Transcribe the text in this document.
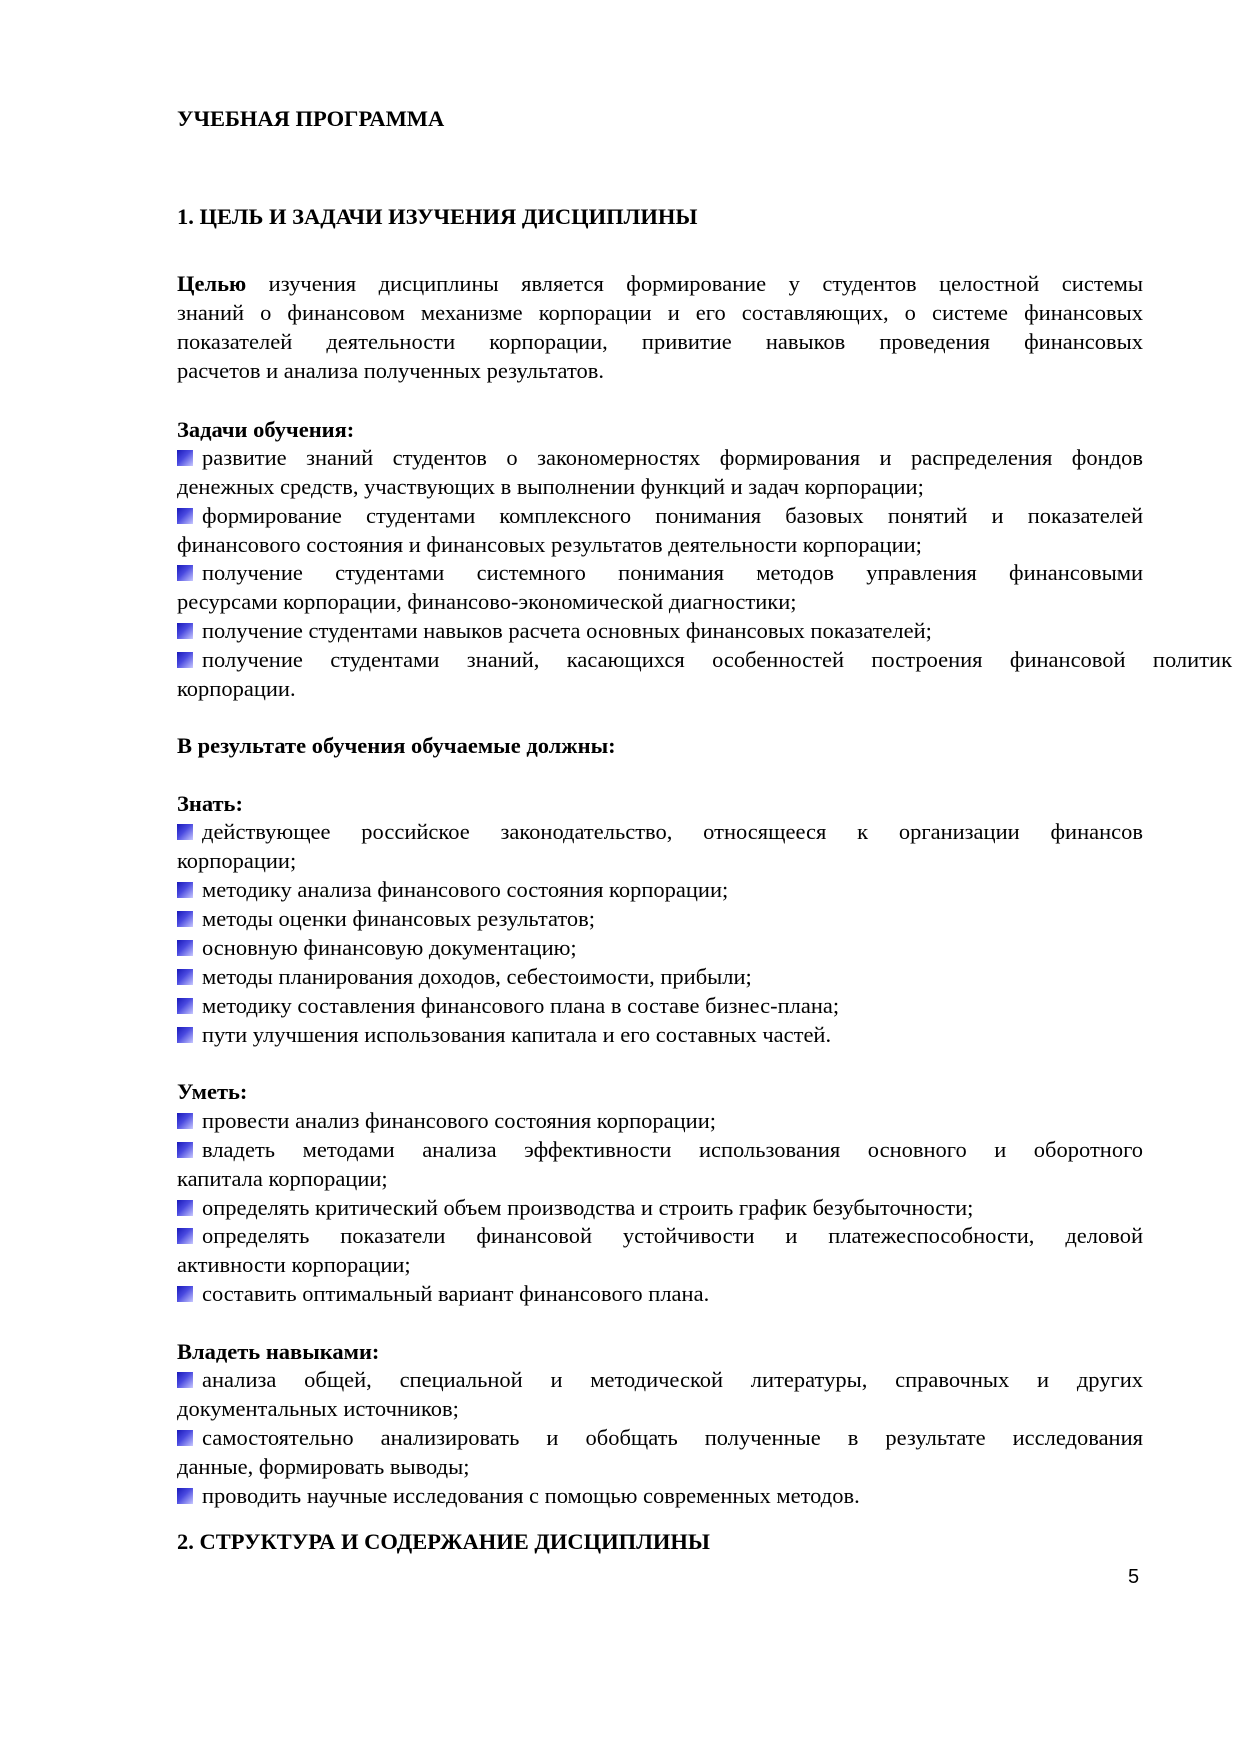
УЧЕБНАЯ ПРОГРАММА
1. ЦЕЛЬ И ЗАДАЧИ ИЗУЧЕНИЯ ДИСЦИПЛИНЫ
Целью изучения дисциплины является формирование у студентов целостной системы
знаний о финансовом механизме корпорации и его составляющих, о системе финансовых
показателей деятельности корпорации, привитие навыков проведения финансовых
расчетов и анализа полученных результатов.
Задачи обучения:
развитие знаний студентов о закономерностях формирования и распределения фондов
денежных средств, участвующих в выполнении функций и задач корпорации;
формирование студентами комплексного понимания базовых понятий и показателей
финансового состояния и финансовых результатов деятельности корпорации;
получение студентами системного понимания методов управления финансовыми
ресурсами корпорации, финансово-экономической диагностики;
получение студентами навыков расчета основных финансовых показателей;
получение студентами знаний, касающихся особенностей построения финансовой политик
корпорации.
В результате обучения обучаемые должны:
Знать:
действующее российское законодательство, относящееся к организации финансов
корпорации;
методику анализа финансового состояния корпорации;
методы оценки финансовых результатов;
основную финансовую документацию;
методы планирования доходов, себестоимости, прибыли;
методику составления финансового плана в составе бизнес-плана;
пути улучшения использования капитала и его составных частей.
Уметь:
провести анализ финансового состояния корпорации;
владеть методами анализа эффективности использования основного и оборотного
капитала корпорации;
определять критический объем производства и строить график безубыточности;
определять показатели финансовой устойчивости и платежеспособности, деловой
активности корпорации;
составить оптимальный вариант финансового плана.
Владеть навыками:
анализа общей, специальной и методической литературы, справочных и других
документальных источников;
самостоятельно анализировать и обобщать полученные в результате исследования
данные, формировать выводы;
проводить научные исследования с помощью современных методов.
2. СТРУКТУРА И СОДЕРЖАНИЕ ДИСЦИПЛИНЫ
5
